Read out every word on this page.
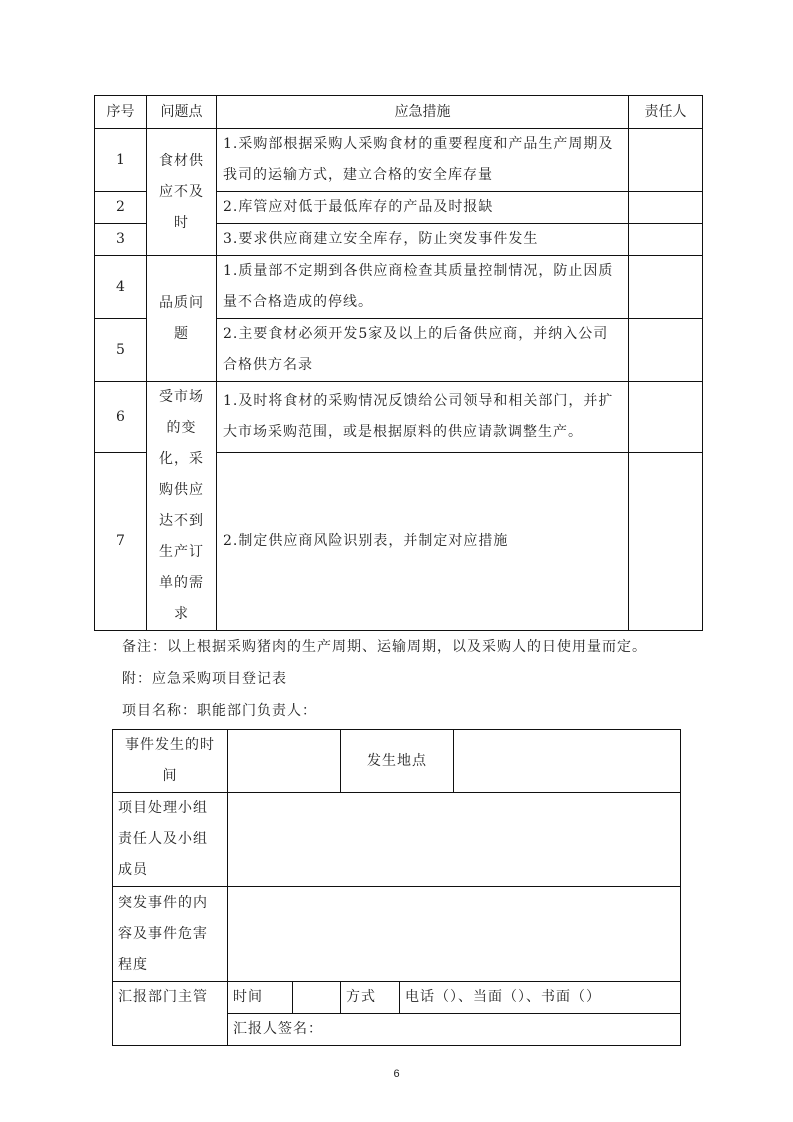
序号	问题点	应急措施	责任人
1	食材供应不及时	1.采购部根据采购人采购食材的重要程度和产品生产周期及我司的运输方式，建立合格的安全库存量	
2		2.库管应对低于最低库存的产品及时报缺	
3		3.要求供应商建立安全库存，防止突发事件发生	
4	品质问题	1.质量部不定期到各供应商检查其质量控制情况，防止因质量不合格造成的停线。	
5		2.主要食材必须开发5家及以上的后备供应商，并纳入公司合格供方名录	
6	受市场的变化，采购供应达不到生产订单的需求	1.及时将食材的采购情况反馈给公司领导和相关部门，并扩大市场采购范围，或是根据原料的供应请款调整生产。	
7		2.制定供应商风险识别表，并制定对应措施	
备注：以上根据采购猪肉的生产周期、运输周期，以及采购人的日使用量而定。
附：应急采购项目登记表
项目名称：职能部门负责人：
事件发生的时间			发生地点		
项目处理小组责任人及小组成员					
突发事件的内容及事件危害程度					
汇报部门主管	时间		方式	电话（）、当面（）、书面（）	
	汇报人签名：				
6
